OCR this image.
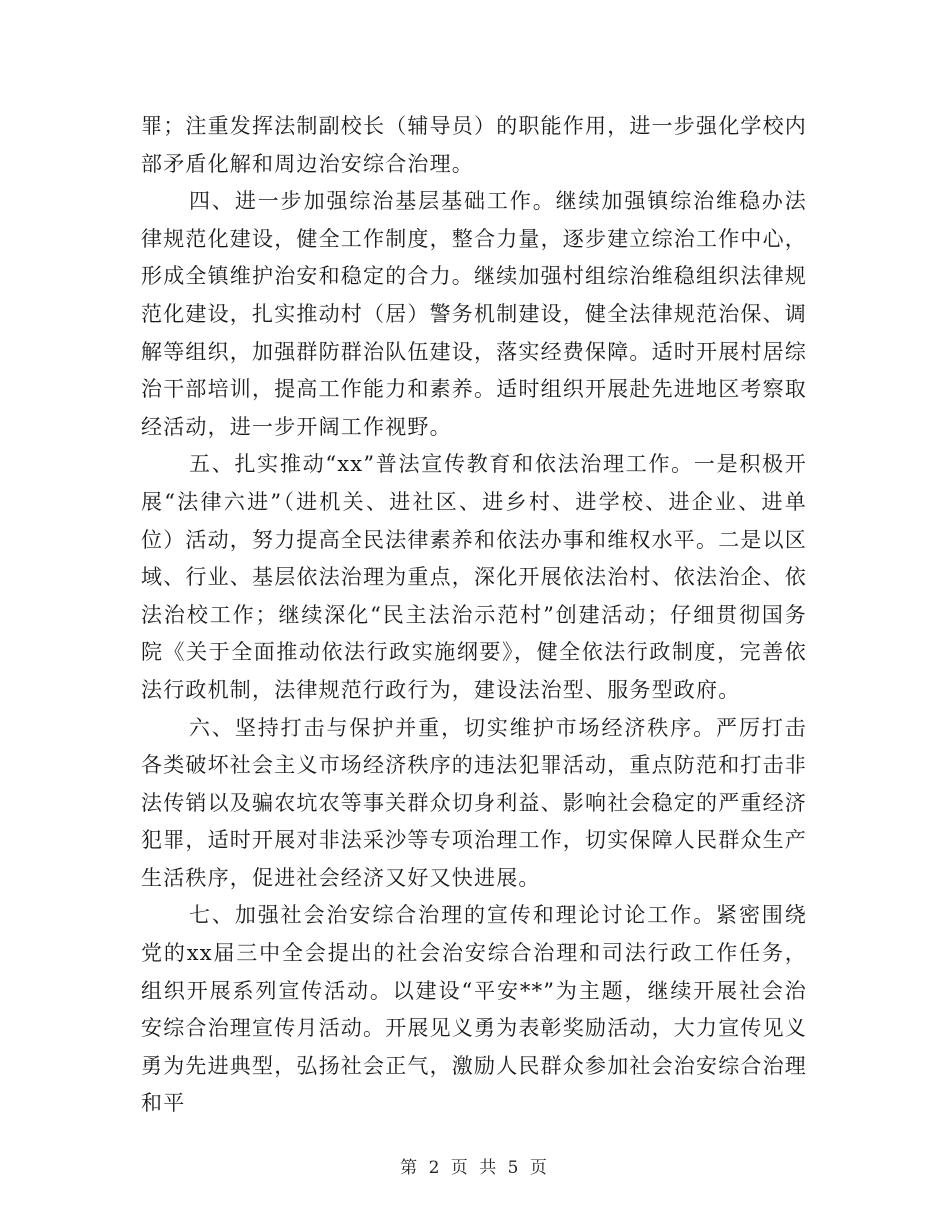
罪；注重发挥法制副校长（辅导员）的职能作用，进一步强化学校内部矛盾化解和周边治安综合治理。

四、进一步加强综治基层基础工作。继续加强镇综治维稳办法律规范化建设，健全工作制度，整合力量，逐步建立综治工作中心，形成全镇维护治安和稳定的合力。继续加强村组综治维稳组织法律规范化建设，扎实推动村（居）警务机制建设，健全法律规范治保、调解等组织，加强群防群治队伍建设，落实经费保障。适时开展村居综治干部培训，提高工作能力和素养。适时组织开展赴先进地区考察取经活动，进一步开阔工作视野。

五、扎实推动“xx”普法宣传教育和依法治理工作。一是积极开展“法律六进”（进机关、进社区、进乡村、进学校、进企业、进单位）活动，努力提高全民法律素养和依法办事和维权水平。二是以区域、行业、基层依法治理为重点，深化开展依法治村、依法治企、依法治校工作；继续深化“民主法治示范村”创建活动；仔细贯彻国务院《关于全面推动依法行政实施纲要》，健全依法行政制度，完善依法行政机制，法律规范行政行为，建设法治型、服务型政府。

六、坚持打击与保护并重，切实维护市场经济秩序。严厉打击各类破坏社会主义市场经济秩序的违法犯罪活动，重点防范和打击非法传销以及骗农坑农等事关群众切身利益、影响社会稳定的严重经济犯罪，适时开展对非法采沙等专项治理工作，切实保障人民群众生产生活秩序，促进社会经济又好又快进展。

七、加强社会治安综合治理的宣传和理论讨论工作。紧密围绕党的xx届三中全会提出的社会治安综合治理和司法行政工作任务，组织开展系列宣传活动。以建设“平安**”为主题，继续开展社会治安综合治理宣传月活动。开展见义勇为表彰奖励活动，大力宣传见义勇为先进典型，弘扬社会正气，激励人民群众参加社会治安综合治理和平

第 2 页 共 5 页
